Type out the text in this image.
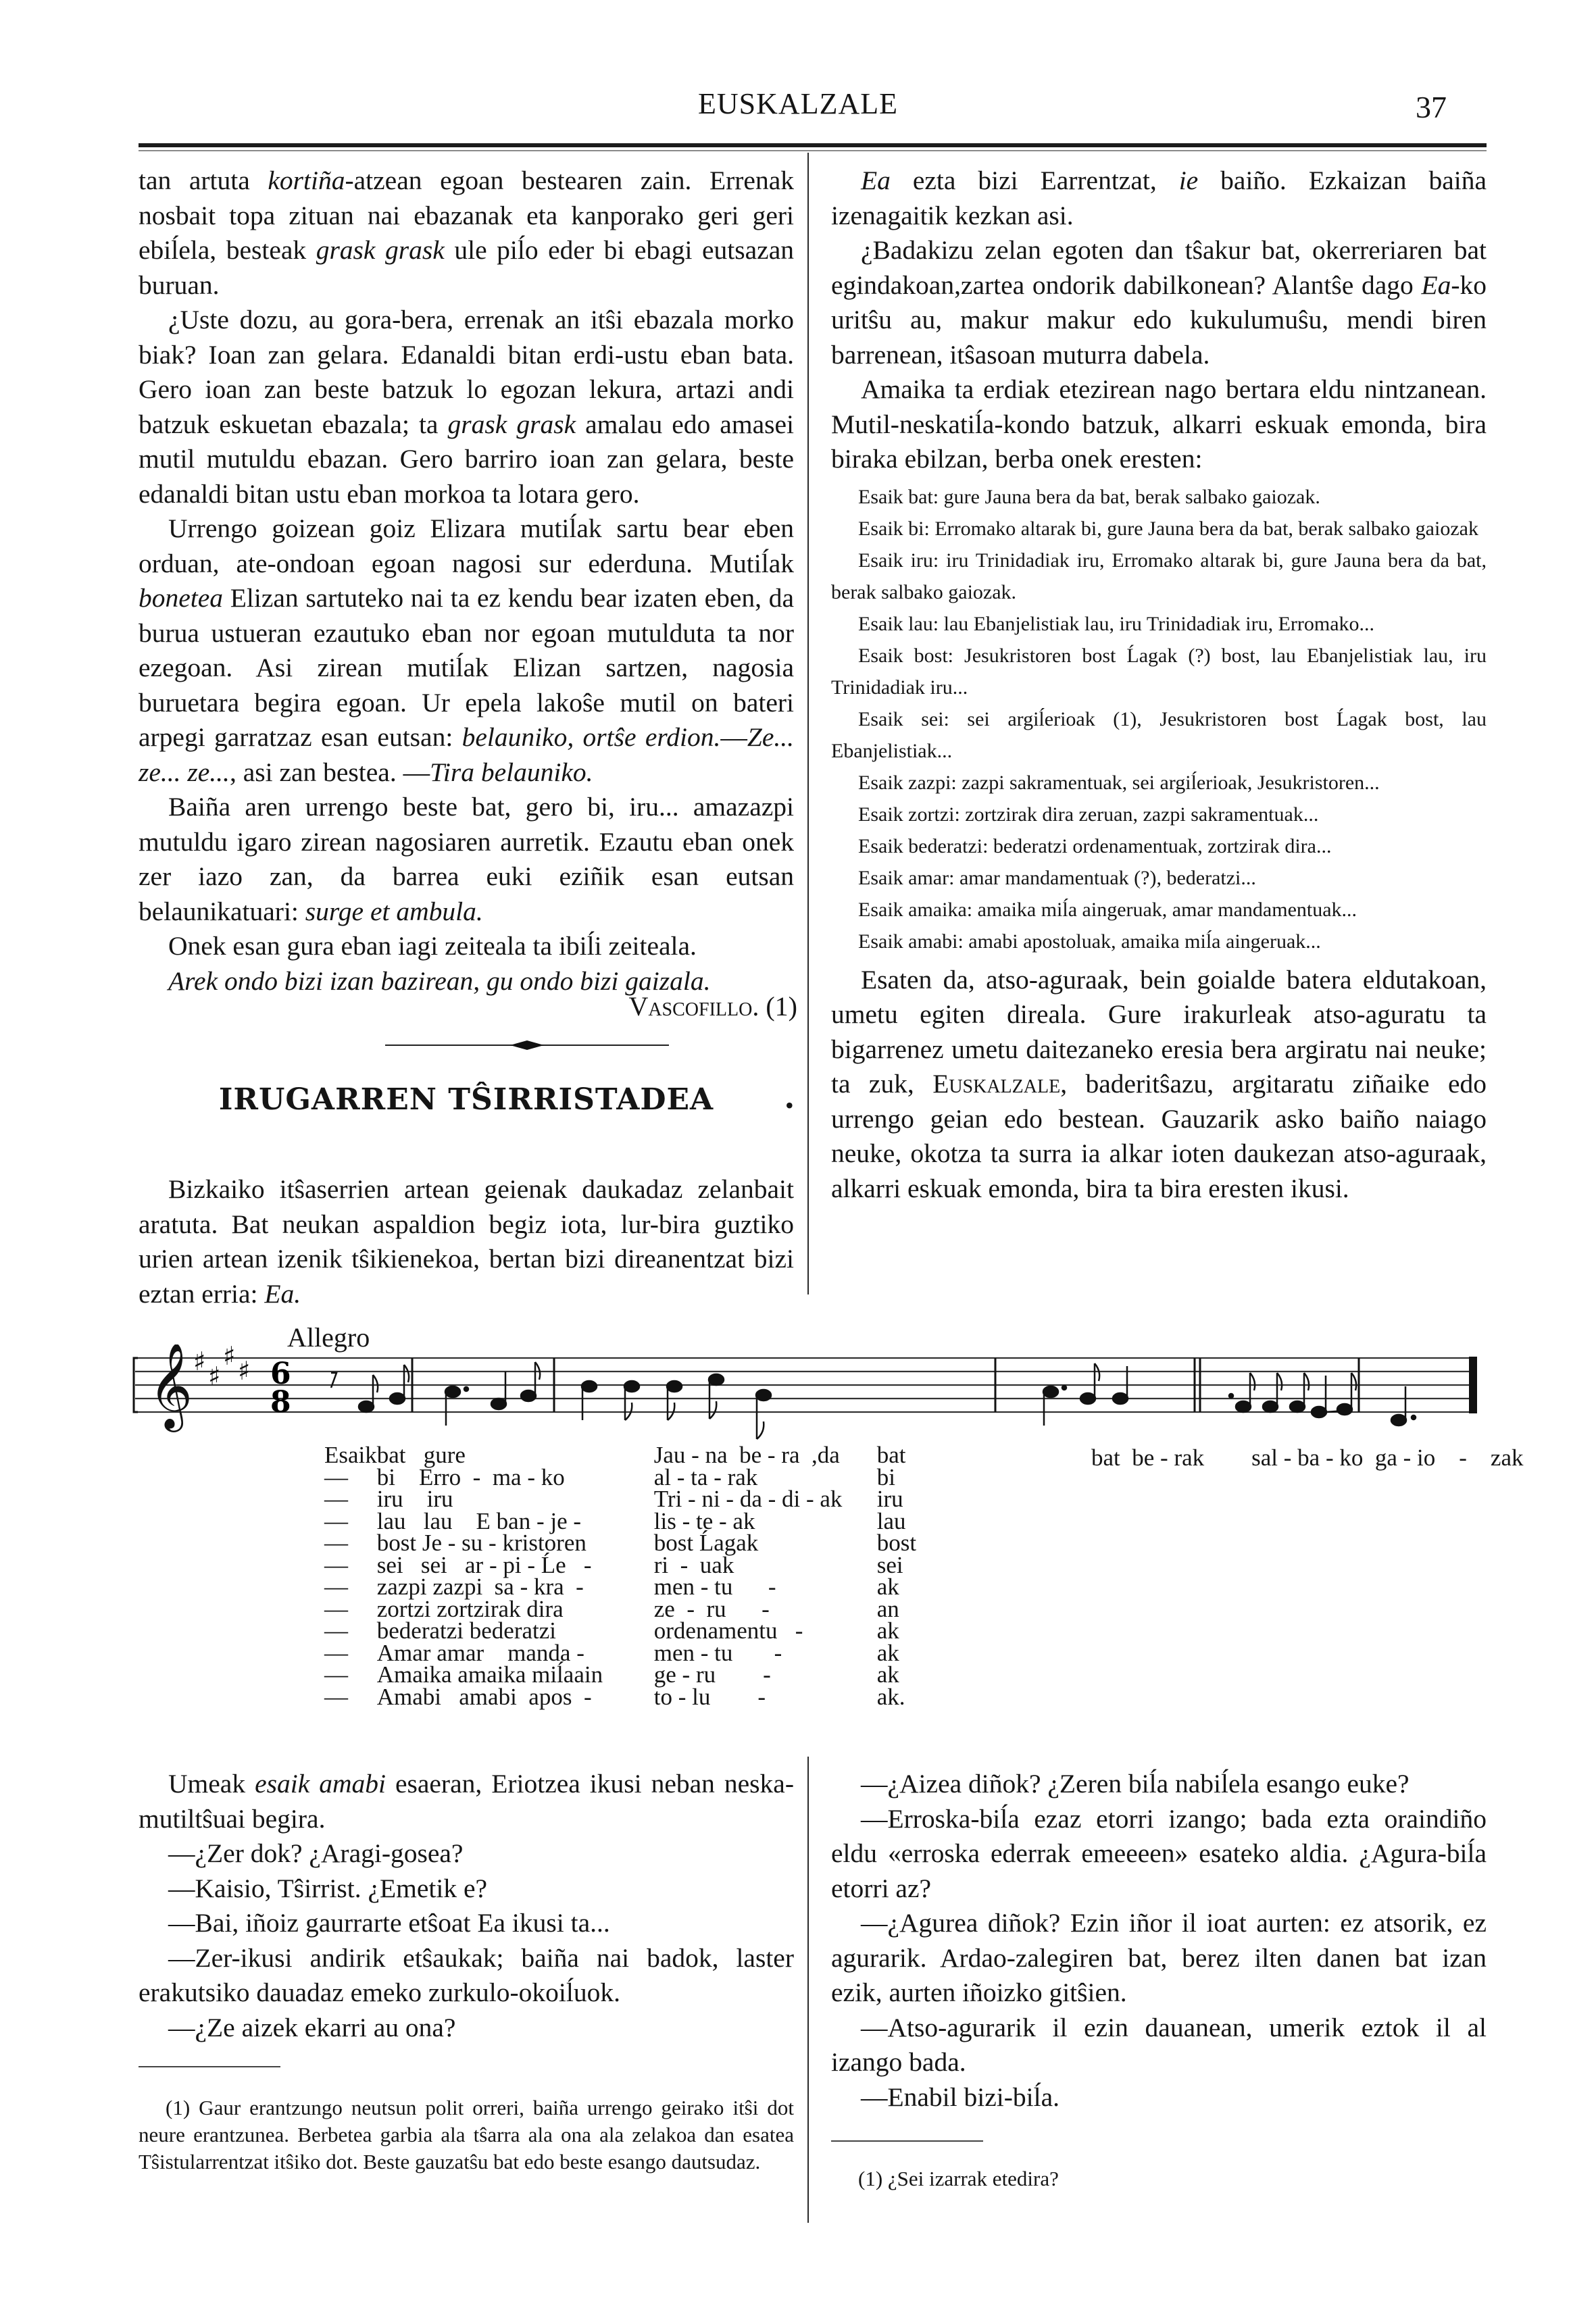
EUSKALZALE	37

tan artuta kortiña-atzean egoan bestearen zain. Errenak nosbait topa zituan nai ebazanak eta kanporako geri geri ebiĺela, besteak grask grask ule piĺo eder bi ebagi eutsazan buruan.

¿Uste dozu, au gora-bera, errenak an itŝi ebazala morko biak? Ioan zan gelara. Edanaldi bitan erdi-ustu eban bata. Gero ioan zan beste batzuk lo egozan lekura, artazi andi batzuk eskuetan ebazala; ta grask grask amalau edo amasei mutil mutuldu ebazan. Gero barriro ioan zan gelara, beste edanaldi bitan ustu eban morkoa ta lotara gero.

Urrengo goizean goiz Elizara mutiĺak sartu bear eben orduan, ate-ondoan egoan nagosi sur ederduna. Mutiĺak bonetea Elizan sartuteko nai ta ez kendu bear izaten eben, da burua ustueran ezautuko eban nor egoan mutulduta ta nor ezegoan. Asi zirean mutiĺak Elizan sartzen, nagosia buruetara begira egoan. Ur epela lakoŝe mutil on bateri arpegi garratzaz esan eutsan: belauniko, ortŝe erdion.—Ze... ze... ze..., asi zan bestea. —Tira belauniko.

Baiña aren urrengo beste bat, gero bi, iru... amazazpi mutuldu igaro zirean nagosiaren aurretik. Ezautu eban onek zer iazo zan, da barrea euki eziñik esan eutsan belaunikatuari: surge et ambula.

Onek esan gura eban iagi zeiteala ta ibiĺi zeiteala.

Arek ondo bizi izan bazirean, gu ondo bizi gaizala.

Vascofillo. (1)
IRUGARREN TŜIRRISTADEA	•

Bizkaiko itŝaserrien artean geienak daukadaz zelanbait aratuta. Bat neukan aspaldion begiz iota, lur-bira guztiko urien artean izenik tŝikienekoa, bertan bizi direanentzat bizi eztan erria: Ea.

Ea ezta bizi Earrentzat, ie baiño. Ezkaizan baiña izenagaitik kezkan asi.

¿Badakizu zelan egoten dan tŝakur bat, okerreriaren bat egindakoan,zartea ondorik dabilkonean? Alantŝe dago Ea-ko uritŝu au, makur makur edo kukulumuŝu, mendi biren barrenean, itŝasoan muturra dabela.

Amaika ta erdiak etezirean nago bertara eldu nintzanean. Mutil-neskatiĺa-kondo batzuk, alkarri eskuak emonda, bira biraka ebilzan, berba onek eresten:

Esaik bat: gure Jauna bera da bat, berak salbako gaiozak.

Esaik bi: Erromako altarak bi, gure Jauna bera da bat, berak salbako gaiozak

Esaik iru: iru Trinidadiak iru, Erromako altarak bi, gure Jauna bera da bat, berak salbako gaiozak.

Esaik lau: lau Ebanjelistiak lau, iru Trinidadiak iru, Erromako...

Esaik bost: Jesukristoren bost Ĺagak (?) bost, lau Ebanjelistiak lau, iru Trinidadiak iru...

Esaik sei: sei argiĺerioak (1), Jesukristoren bost Ĺagak bost, lau Ebanjelistiak...

Esaik zazpi: zazpi sakramentuak, sei argiĺerioak, Jesukristoren...

Esaik zortzi: zortzirak dira zeruan, zazpi sakramentuak...

Esaik bederatzi: bederatzi ordenamentuak, zortzirak dira...

Esaik amar: amar mandamentuak (?), bederatzi...

Esaik amaika: amaika miĺa aingeruak, amar mandamentuak...

Esaik amabi: amabi apostoluak, amaika miĺa aingeruak...

Esaten da, atso-aguraak, bein goialde batera eldutakoan, umetu egiten direala. Gure irakurleak atso-aguratu ta bigarrenez umetu daitezaneko eresia bera argiratu nai neuke; ta zuk, Euskalzale, baderitŝazu, argitaratu ziñaike edo urrengo geian edo bestean. Gauzarik asko baiño naiago neuke, okotza ta surra ia alkar ioten daukezan atso-aguraak, alkarri eskuak emonda, bira ta bira eresten ikusi.

Allegro
𝄞 ♯ ♯
♯ ♯ 6
8
Esaik	bat   gure	Jau - na  be - ra  ,da	bat
—	bi    Erro  -  ma - ko	al - ta - rak	bi
—	iru    iru	Tri - ni - da - di - ak	iru
—	lau   lau    E ban - je -	lis - te - ak	lau
—	bost Je - su - kristoren	bost Ĺagak	bost
—	sei   sei   ar - pi - Ĺe   -	ri  -  uak	sei
—	zazpi zazpi  sa - kra  -	men - tu      -	ak
—	zortzi zortzirak dira	ze  -  ru      -	an
—	bederatzi bederatzi	ordenamentu   -	ak
—	Amar amar    manda -	men - tu       -	ak
—	Amaika amaika miĺaain	ge - ru        -	ak
—	Amabi   amabi  apos  -	to - lu        -	ak.
bat  be - rak        sal - ba - ko  ga - io    -    zak

Umeak esaik amabi esaeran, Eriotzea ikusi neban neska-mutiltŝuai begira.

—¿Zer dok? ¿Aragi-gosea?

—Kaisio, Tŝirrist. ¿Emetik e?

—Bai, iñoiz gaurrarte etŝoat Ea ikusi ta...

—Zer-ikusi andirik etŝaukak; baiña nai badok, laster erakutsiko dauadaz emeko zurkulo-okoiĺuok.

—¿Ze aizek ekarri au ona?

(1) Gaur erantzungo neutsun polit orreri, baiña urrengo geirako itŝi dot neure erantzunea. Berbetea garbia ala tŝarra ala ona ala zelakoa dan esatea Tŝistularrentzat itŝiko dot. Beste gauzatŝu bat edo beste esango dautsudaz.

—¿Aizea diñok? ¿Zeren biĺa nabiĺela esango euke?

—Erroska-biĺa ezaz etorri izango; bada ezta oraindiño eldu «erroska ederrak emeeeen» esateko aldia. ¿Agura-biĺa etorri az?

—¿Agurea diñok? Ezin iñor il ioat aurten: ez atsorik, ez agurarik. Ardao-zalegiren bat, berez ilten danen bat izan ezik, aurten iñoizko gitŝien.

—Atso-agurarik il ezin dauanean, umerik eztok il al izango bada.

—Enabil bizi-biĺa.

(1) ¿Sei izarrak etedira?
